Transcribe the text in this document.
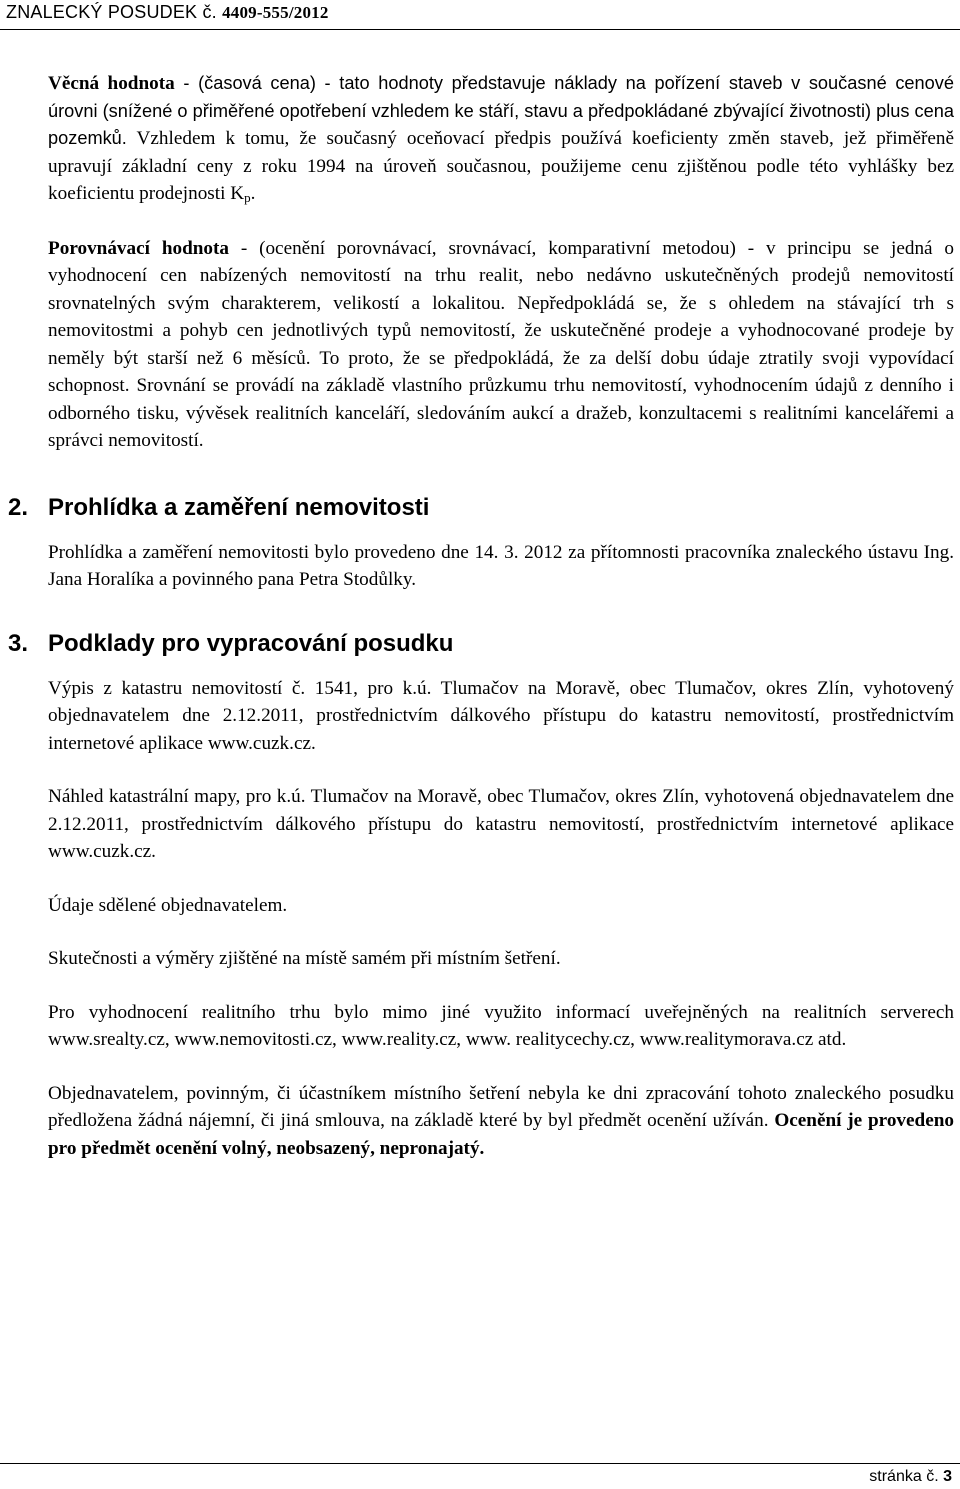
ZNALECKÝ POSUDEK č. 4409-555/2012

Věcná hodnota - (časová cena) - tato hodnoty představuje náklady na pořízení staveb v současné cenové úrovni (snížené o přiměřené opotřebení vzhledem ke stáří, stavu a předpokládané zbývající životnosti) plus cena pozemků. Vzhledem k tomu, že současný oceňovací předpis používá koeficienty změn staveb, jež přiměřeně upravují základní ceny z roku 1994 na úroveň současnou, použijeme cenu zjištěnou podle této vyhlášky bez koeficientu prodejnosti Kp.

Porovnávací hodnota - (ocenění porovnávací, srovnávací, komparativní metodou) - v principu se jedná o vyhodnocení cen nabízených nemovitostí na trhu realit, nebo nedávno uskutečněných prodejů nemovitostí srovnatelných svým charakterem, velikostí a lokalitou. Nepředpokládá se, že s ohledem na stávající trh s nemovitostmi a pohyb cen jednotlivých typů nemovitostí, že uskutečněné prodeje a vyhodnocované prodeje by neměly být starší než 6 měsíců. To proto, že se předpokládá, že za delší dobu údaje ztratily svoji vypovídací schopnost. Srovnání se provádí na základě vlastního průzkumu trhu nemovitostí, vyhodnocením údajů z denního i odborného tisku, vývěsek realitních kanceláří, sledováním aukcí a dražeb, konzultacemi s realitními kancelářemi a správci nemovitostí.

2. Prohlídka a zaměření nemovitosti

Prohlídka a zaměření nemovitosti bylo provedeno dne 14. 3. 2012 za přítomnosti pracovníka znaleckého ústavu Ing. Jana Horalíka a povinného pana Petra Stodůlky.

3. Podklady pro vypracování posudku

Výpis z katastru nemovitostí č. 1541, pro k.ú. Tlumačov na Moravě, obec Tlumačov, okres Zlín, vyhotovený objednavatelem dne 2.12.2011, prostřednictvím dálkového přístupu do katastru nemovitostí, prostřednictvím internetové aplikace www.cuzk.cz.

Náhled katastrální mapy, pro k.ú. Tlumačov na Moravě, obec Tlumačov, okres Zlín, vyhotovená objednavatelem dne 2.12.2011, prostřednictvím dálkového přístupu do katastru nemovitostí, prostřednictvím internetové aplikace www.cuzk.cz.

Údaje sdělené objednavatelem.

Skutečnosti a výměry zjištěné na místě samém při místním šetření.

Pro vyhodnocení realitního trhu bylo mimo jiné využito informací uveřejněných na realitních serverech www.srealty.cz, www.nemovitosti.cz, www.reality.cz, www. realitycechy.cz, www.realitymorava.cz atd.

Objednavatelem, povinným, či účastníkem místního šetření nebyla ke dni zpracování tohoto znaleckého posudku předložena žádná nájemní, či jiná smlouva, na základě které by byl předmět ocenění užíván. Ocenění je provedeno pro předmět ocenění volný, neobsazený, nepronajatý.

stránka č. 3
